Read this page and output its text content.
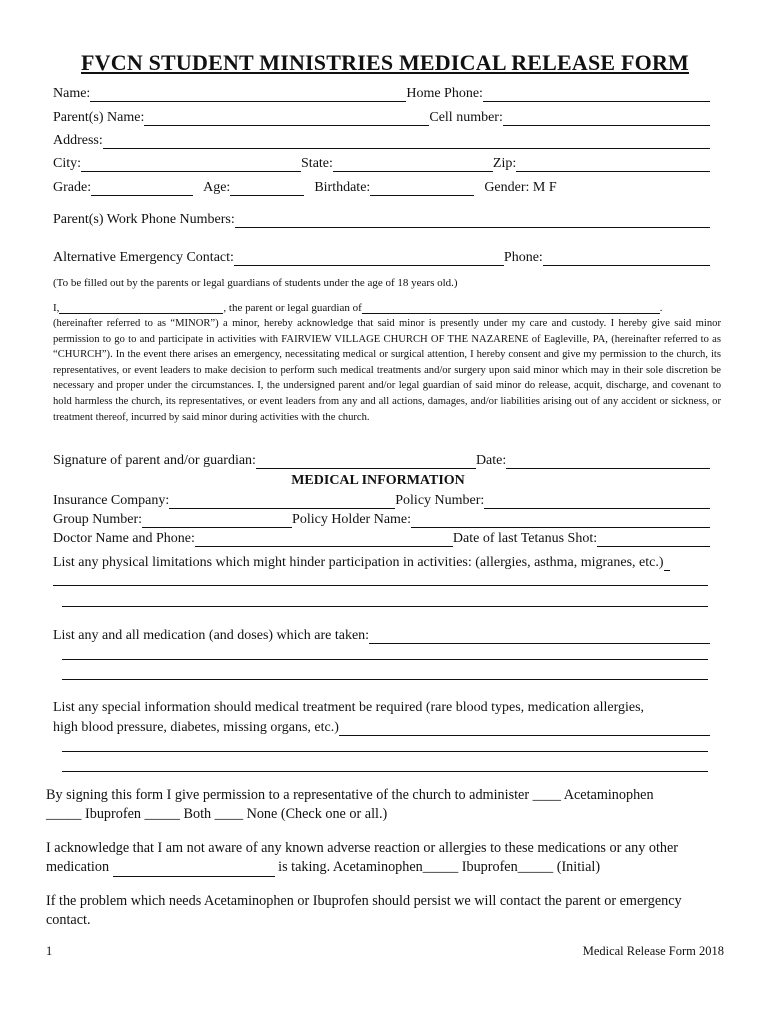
FVCN STUDENT MINISTRIES MEDICAL RELEASE FORM
Name:	Home Phone:
Parent(s) Name:	Cell number:
Address:
City:	State:	Zip:
Grade:	Age:	Birthdate:	Gender: M F
Parent(s) Work Phone Numbers:
Alternative Emergency Contact:	Phone:
(To be filled out by the parents or legal guardians of students under the age of 18 years old.)
I,	, the parent or legal guardian of	.
(hereinafter referred to as “MINOR”) a minor, hereby acknowledge that said minor is presently under my care and custody. I hereby give said minor permission to go to and participate in activities with FAIRVIEW VILLAGE CHURCH OF THE NAZARENE of Eagleville, PA, (hereinafter referred to as “CHURCH”). In the event there arises an emergency, necessitating medical or surgical attention, I hereby consent and give my permission to the church, its representatives, or event leaders to make decision to perform such medical treatments and/or surgery upon said minor which may in their sole discretion be necessary and proper under the circumstances. I, the undersigned parent and/or legal guardian of said minor do release, acquit, discharge, and covenant to hold harmless the church, its representatives, or event leaders from any and all actions, damages, and/or liabilities arising out of any accident or sickness, or treatment thereof, incurred by said minor during activities with the church.
Signature of parent and/or guardian:	Date:
MEDICAL INFORMATION
Insurance Company:	Policy Number:
Group Number:	Policy Holder Name:
Doctor Name and Phone:	Date of last Tetanus Shot:
List any physical limitations which might hinder participation in activities: (allergies, asthma, migranes, etc.)
List any and all medication (and doses) which are taken:
List any special information should medical treatment be required (rare blood types, medication allergies,
high blood pressure, diabetes, missing organs, etc.)
By signing this form I give permission to a representative of the church to administer ____ Acetaminophen
_____ Ibuprofen _____ Both ____ None (Check one or all.)
I acknowledge that I am not aware of any known adverse reaction or allergies to these medications or any other
medication	is taking. Acetaminophen_____ Ibuprofen_____ (Initial)
If the problem which needs Acetaminophen or Ibuprofen should persist we will contact the parent or emergency contact.
1	Medical Release Form 2018
